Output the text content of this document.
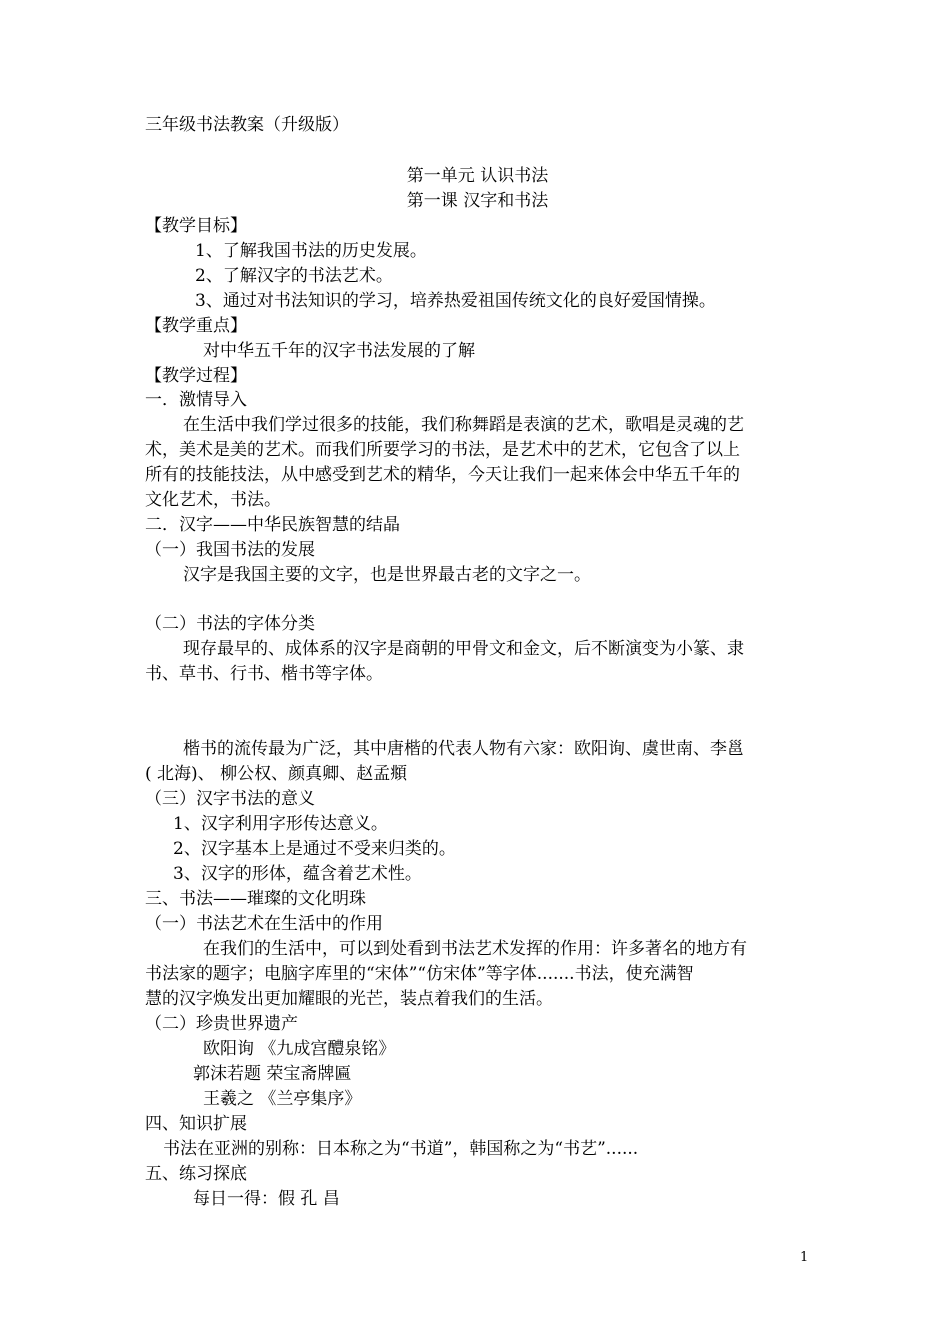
三年级书法教案（升级版）
第一单元 认识书法
第一课 汉字和书法
【教学目标】
1、了解我国书法的历史发展。
2、了解汉字的书法艺术。
3、通过对书法知识的学习，培养热爱祖国传统文化的良好爱国情操。
【教学重点】
对中华五千年的汉字书法发展的了解
【教学过程】
一．激情导入
在生活中我们学过很多的技能，我们称舞蹈是表演的艺术，歌唱是灵魂的艺
术，美术是美的艺术。而我们所要学习的书法，是艺术中的艺术，它包含了以上
所有的技能技法，从中感受到艺术的精华，今天让我们一起来体会中华五千年的
文化艺术，书法。
二．汉字——中华民族智慧的结晶
（一）我国书法的发展
汉字是我国主要的文字，也是世界最古老的文字之一。
（二）书法的字体分类
现存最早的、成体系的汉字是商朝的甲骨文和金文，后不断演变为小篆、隶
书、草书、行书、楷书等字体。
楷书的流传最为广泛，其中唐楷的代表人物有六家：欧阳询、虞世南、李邕
( 北海)、 柳公权、颜真卿、赵孟頫
（三）汉字书法的意义
1、汉字利用字形传达意义。
2、汉字基本上是通过不受来归类的。
3、汉字的形体，蕴含着艺术性。
三、书法——璀璨的文化明珠
（一）书法艺术在生活中的作用
在我们的生活中，可以到处看到书法艺术发挥的作用：许多著名的地方有
书法家的题字；电脑字库里的“宋体”“仿宋体”等字体.......书法，使充满智
慧的汉字焕发出更加耀眼的光芒，装点着我们的生活。
（二）珍贵世界遗产
欧阳询 《九成宫醴泉铭》
郭沫若题 荣宝斋牌匾
王羲之 《兰亭集序》
四、知识扩展
书法在亚洲的别称：日本称之为“书道”，韩国称之为“书艺”......
五、练习探底
每日一得：假 孔 昌
1
